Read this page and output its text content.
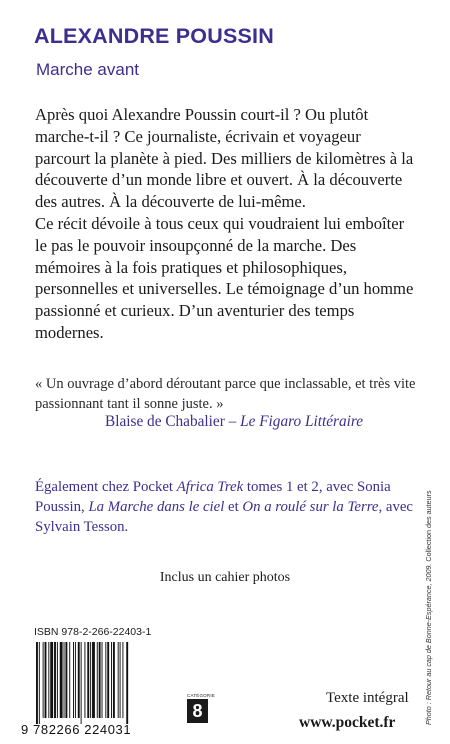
ALEXANDRE POUSSIN
Marche avant

Après quoi Alexandre Poussin court-il ? Ou plutôt marche-t-il ? Ce journaliste, écrivain et voyageur parcourt la planète à pied. Des milliers de kilomètres à la découverte d’un monde libre et ouvert. À la découverte des autres. À la découverte de lui-même.

Ce récit dévoile à tous ceux qui voudraient lui emboîter le pas le pouvoir insoupçonné de la marche. Des mémoires à la fois pratiques et philosophiques, personnelles et universelles. Le témoignage d’un homme passionné et curieux. D’un aventurier des temps modernes.

« Un ouvrage d’abord déroutant parce que inclassable, et très vite passionnant tant il sonne juste. »

Blaise de Chabalier – Le Figaro Littéraire
Également chez Pocket Africa Trek tomes 1 et 2, avec Sonia Poussin, La Marche dans le ciel et On a roulé sur la Terre, avec Sylvain Tesson.
Inclus un cahier photos
ISBN 978-2-266-22403-1
9 782266 224031
CATÉGORIE
8
Texte intégral
www.pocket.fr	Photo : Retour au cap de Bonne-Espérance, 2009. Collection des auteurs
